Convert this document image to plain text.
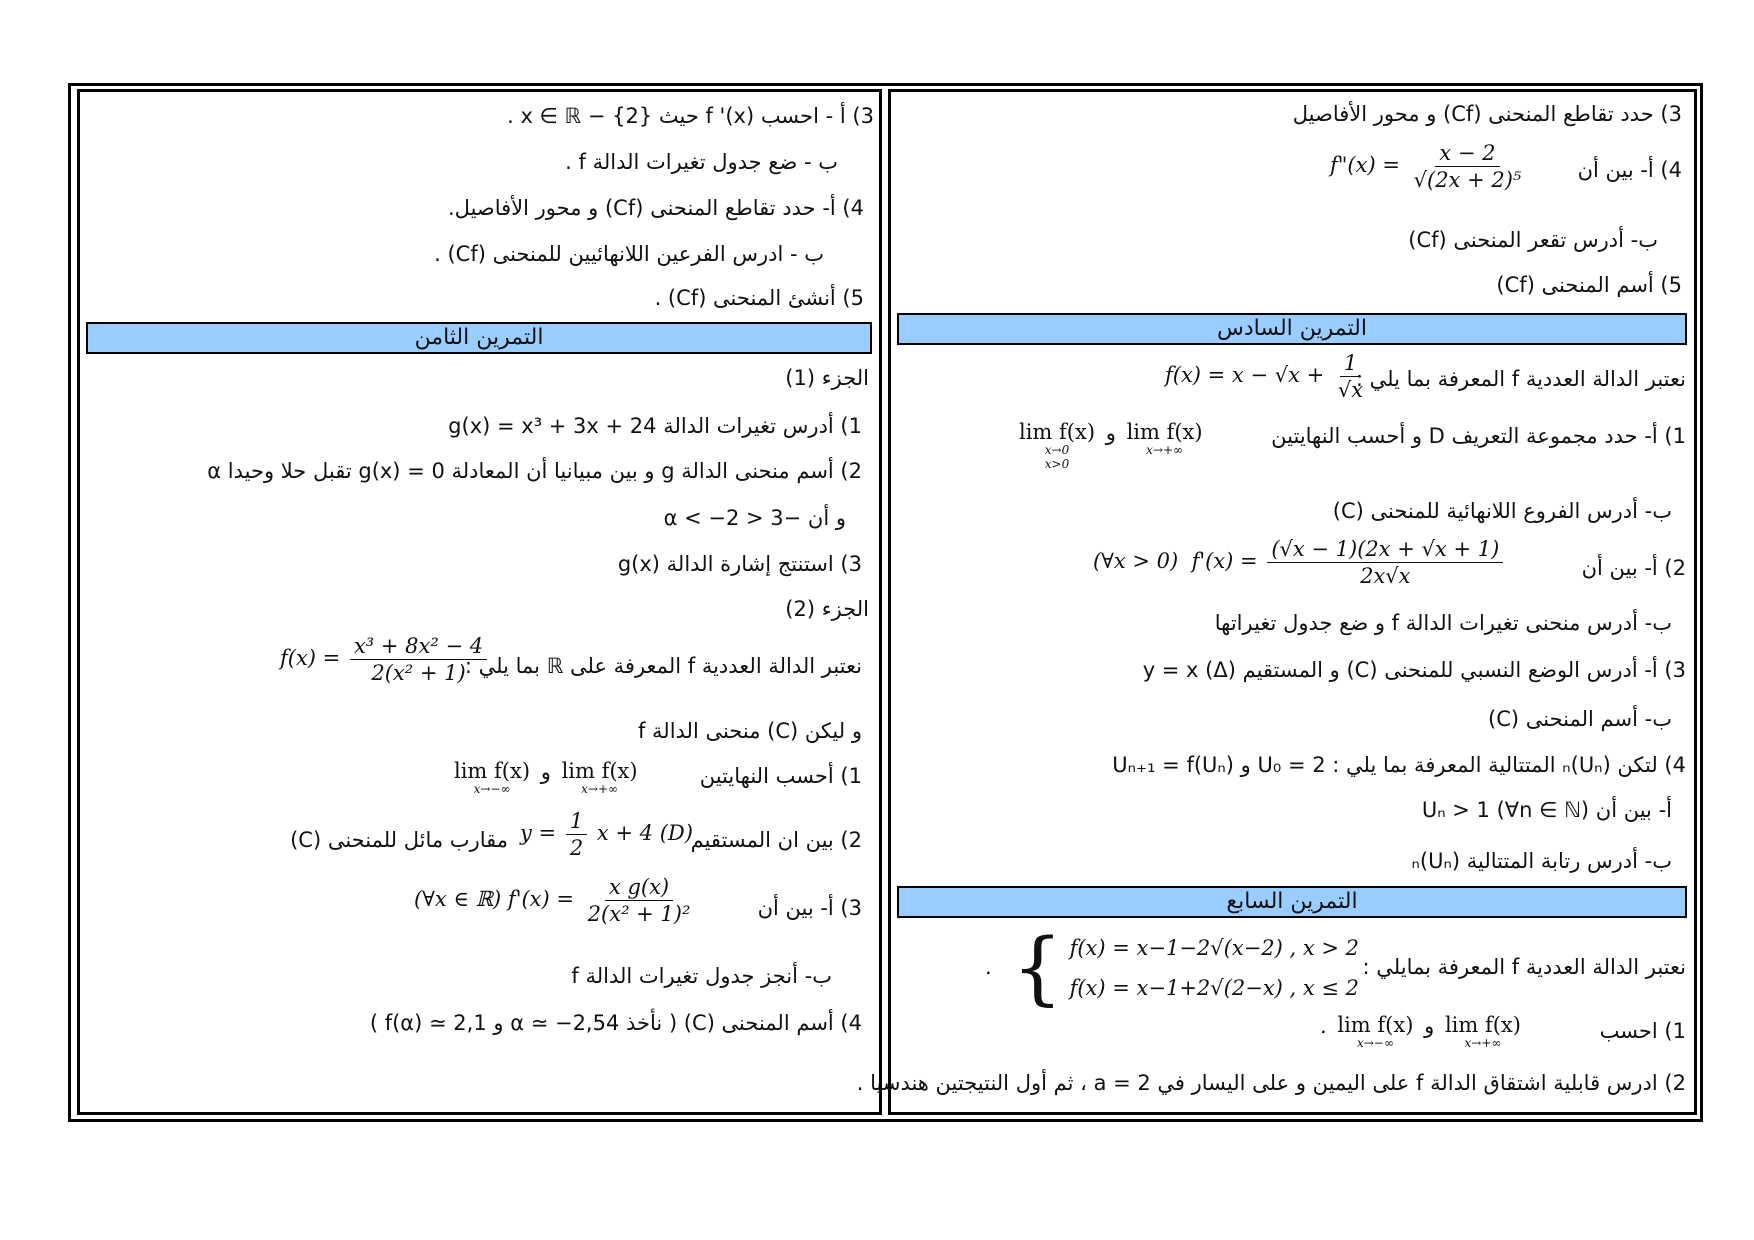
3) حدد تقاطع المنحنى (Cf) و محور الأفاصيل
4) أ- بين أن
f"(x) = $\frac{x - 2}{\text{√(2x + 2)⁵}}$
ب- أدرس تقعر المنحنى (Cf)
5) أسم المنحنى (Cf)
التمرين السادس
نعتبر الدالة العددية f المعرفة بما يلي :
$f(x) = x - √x + \frac{1}{√x}$
1) أ- حدد مجموعة التعريف D و أحسب النهايتين
lim f(x)
x→0
x>0
و lim f(x)
x→+∞
ب- أدرس الفروع اللانهائية للمنحنى (C)
2) أ- بين أن
(∀x > 0) $f'(x) = \frac{(√x - 1)(2x + √x + 1)}{2x√x}$
ب- أدرس منحنى تغيرات الدالة f و ضع جدول تغيراتها
3) أ- أدرس الوضع النسبي للمنحنى (C) و المستقيم y = x (Δ)
ب- أسم المنحنى (C)
4) لتكن (Uₙ)ₙ المتتالية المعرفة بما يلي : U₀ = 2 و Uₙ₊₁ = f(Uₙ)
أ- بين أن Uₙ > 1 (∀n ∈ ℕ)
ب- أدرس رتابة المتتالية (Uₙ)ₙ
التمرين السابع
نعتبر الدالة العددية f المعرفة بمايلي :
{ f(x) = x−1−2√(x−2) , x > 2
f(x) = x−1+2√(2−x) , x ≤ 2
.
1) احسب
. lim f(x)
x→−∞
و lim f(x)
x→+∞
2) ادرس قابلية اشتقاق الدالة f على اليمين و على اليسار في a = 2 ، ثم أول النتيجتين هندسيا .
3) أ - احسب f '(x) حيث x ∈ ℝ − {2} .
ب - ضع جدول تغيرات الدالة f .
4) أ- حدد تقاطع المنحنى (Cf) و محور الأفاصيل.
ب - ادرس الفرعين اللانهائيين للمنحنى (Cf) .
5) أنشئ المنحنى (Cf) .
التمرين الثامن
الجزء (1)
1) أدرس تغيرات الدالة g(x) = x³ + 3x + 24
2) أسم منحنى الدالة g و بين مبيانيا أن المعادلة g(x) = 0 تقبل حلا وحيدا α
و أن −3 < α < −2
3) استنتج إشارة الدالة g(x)
الجزء (2)
نعتبر الدالة العددية f المعرفة على ℝ بما يلي :
$f(x) = \frac{\text{x³ + 8x² − 4}}{\text{2(x² + 1)}}$
و ليكن (C) منحنى الدالة f
1) أحسب النهايتين
lim f(x)
x→−∞
و lim f(x)
x→+∞
2) بين ان المستقيم
$y = \frac{1}{2}$ x + 4 (D)
مقارب مائل للمنحنى (C)
3) أ- بين أن
(∀x ∈ ℝ) $f'(x) = \frac{\text{x g(x)}}{\text{2(x² + 1)²}}$
ب- أنجز جدول تغيرات الدالة f
4) أسم المنحنى (C) ( نأخذ α ≃ −2,54 و f(α) ≃ 2,1 )
